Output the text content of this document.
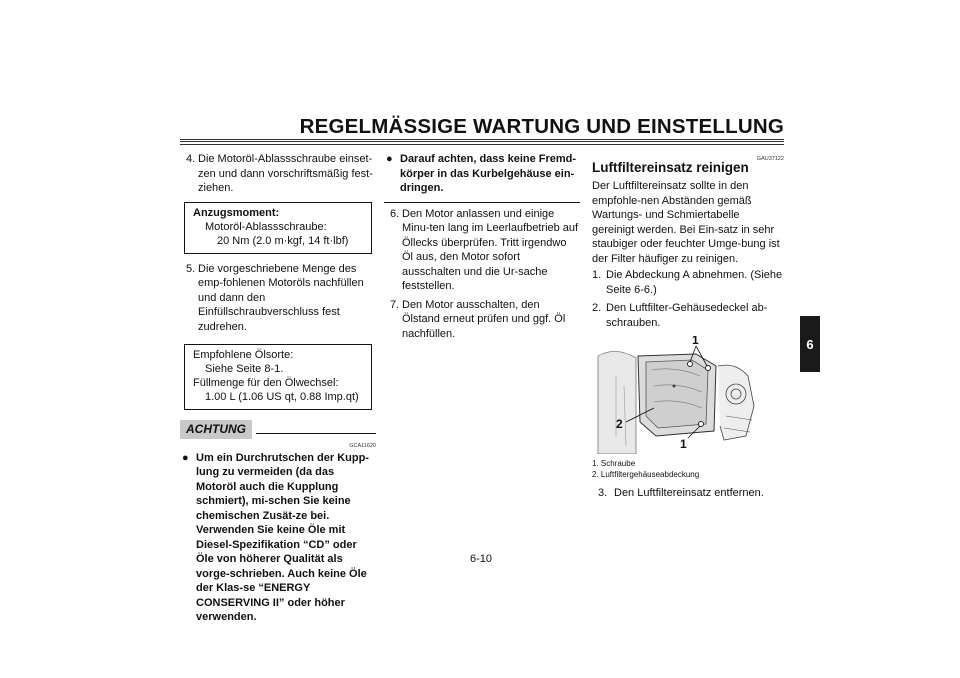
REGELMÄSSIGE WARTUNG UND EINSTELLUNG
6
4. Die Motoröl-Ablassschraube einset-zen und dann vorschriftsmäßig fest-ziehen.
Anzugsmoment:
Motoröl-Ablassschraube:
20 Nm (2.0 m·kgf, 14 ft·lbf)
5. Die vorgeschriebene Menge des emp-fohlenen Motoröls nachfüllen und dann den Einfüllschraubverschluss fest zudrehen.
Empfohlene Ölsorte:
Siehe Seite 8-1.
Füllmenge für den Ölwechsel:
1.00 L (1.06 US qt, 0.88 Imp.qt)
ACHTUNG
GCA11620
● Um ein Durchrutschen der Kupp-lung zu vermeiden (da das Motoröl auch die Kupplung schmiert), mi-schen Sie keine chemischen Zusät-ze bei. Verwenden Sie keine Öle mit Diesel-Spezifikation “CD” oder Öle von höherer Qualität als vorge-schrieben. Auch keine Öle der Klas-se “ENERGY CONSERVING II” oder höher verwenden.
● Darauf achten, dass keine Fremd-körper in das Kurbelgehäuse ein-dringen.
6. Den Motor anlassen und einige Minu-ten lang im Leerlaufbetrieb auf Öllecks überprüfen. Tritt irgendwo Öl aus, den Motor sofort ausschalten und die Ur-sache feststellen.
7. Den Motor ausschalten, den Ölstand erneut prüfen und ggf. Öl nachfüllen.
GAU37122
Luftfiltereinsatz reinigen
Der Luftfiltereinsatz sollte in den empfohle-nen Abständen gemäß Wartungs- und Schmiertabelle gereinigt werden. Bei Ein-satz in sehr staubiger oder feuchter Umge-bung ist der Filter häufiger zu reinigen.
1. Die Abdeckung A abnehmen. (Siehe Seite 6-6.)
2. Den Luftfilter-Gehäusedeckel ab-schrauben.
1
2
1
1. Schraube
2. Luftfiltergehäuseabdeckung
3. Den Luftfiltereinsatz entfernen.
6-10
